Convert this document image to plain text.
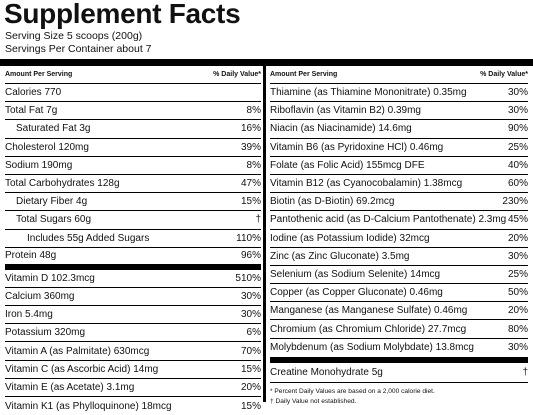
Supplement Facts
Serving Size 5 scoops (200g)
Servings Per Container about 7
Amount Per Serving	% Daily Value*
Calories 770
Total Fat 7g	8%
Saturated Fat 3g	16%
Cholesterol 120mg	39%
Sodium 190mg	8%
Total Carbohydrates 128g	47%
Dietary Fiber 4g	15%
Total Sugars 60g	†
Includes 55g Added Sugars	110%
Protein 48g	96%
Vitamin D 102.3mcg	510%
Calcium 360mg	30%
Iron 5.4mg	30%
Potassium 320mg	6%
Vitamin A (as Palmitate) 630mcg	70%
Vitamin C (as Ascorbic Acid) 14mg	15%
Vitamin E (as Acetate) 3.1mg	20%
Vitamin K1 (as Phylloquinone) 18mcg	15%
Amount Per Serving	% Daily Value*
Thiamine (as Thiamine Mononitrate) 0.35mg	30%
Riboflavin (as Vitamin B2) 0.39mg	30%
Niacin (as Niacinamide) 14.6mg	90%
Vitamin B6 (as Pyridoxine HCl) 0.46mg	25%
Folate (as Folic Acid) 155mcg DFE	40%
Vitamin B12 (as Cyanocobalamin) 1.38mcg	60%
Biotin (as D-Biotin) 69.2mcg	230%
Pantothenic acid (as D-Calcium Pantothenate) 2.3mg 45%
Iodine (as Potassium Iodide) 32mcg	20%
Zinc (as Zinc Gluconate) 3.5mg	30%
Selenium (as Sodium Selenite) 14mcg	25%
Copper (as Copper Gluconate) 0.46mg	50%
Manganese (as Manganese Sulfate) 0.46mg	20%
Chromium (as Chromium Chloride) 27.7mcg	80%
Molybdenum (as Sodium Molybdate) 13.8mcg	30%
Creatine Monohydrate 5g	†
* Percent Daily Values are based on a 2,000 calorie diet.
† Daily Value not established.
